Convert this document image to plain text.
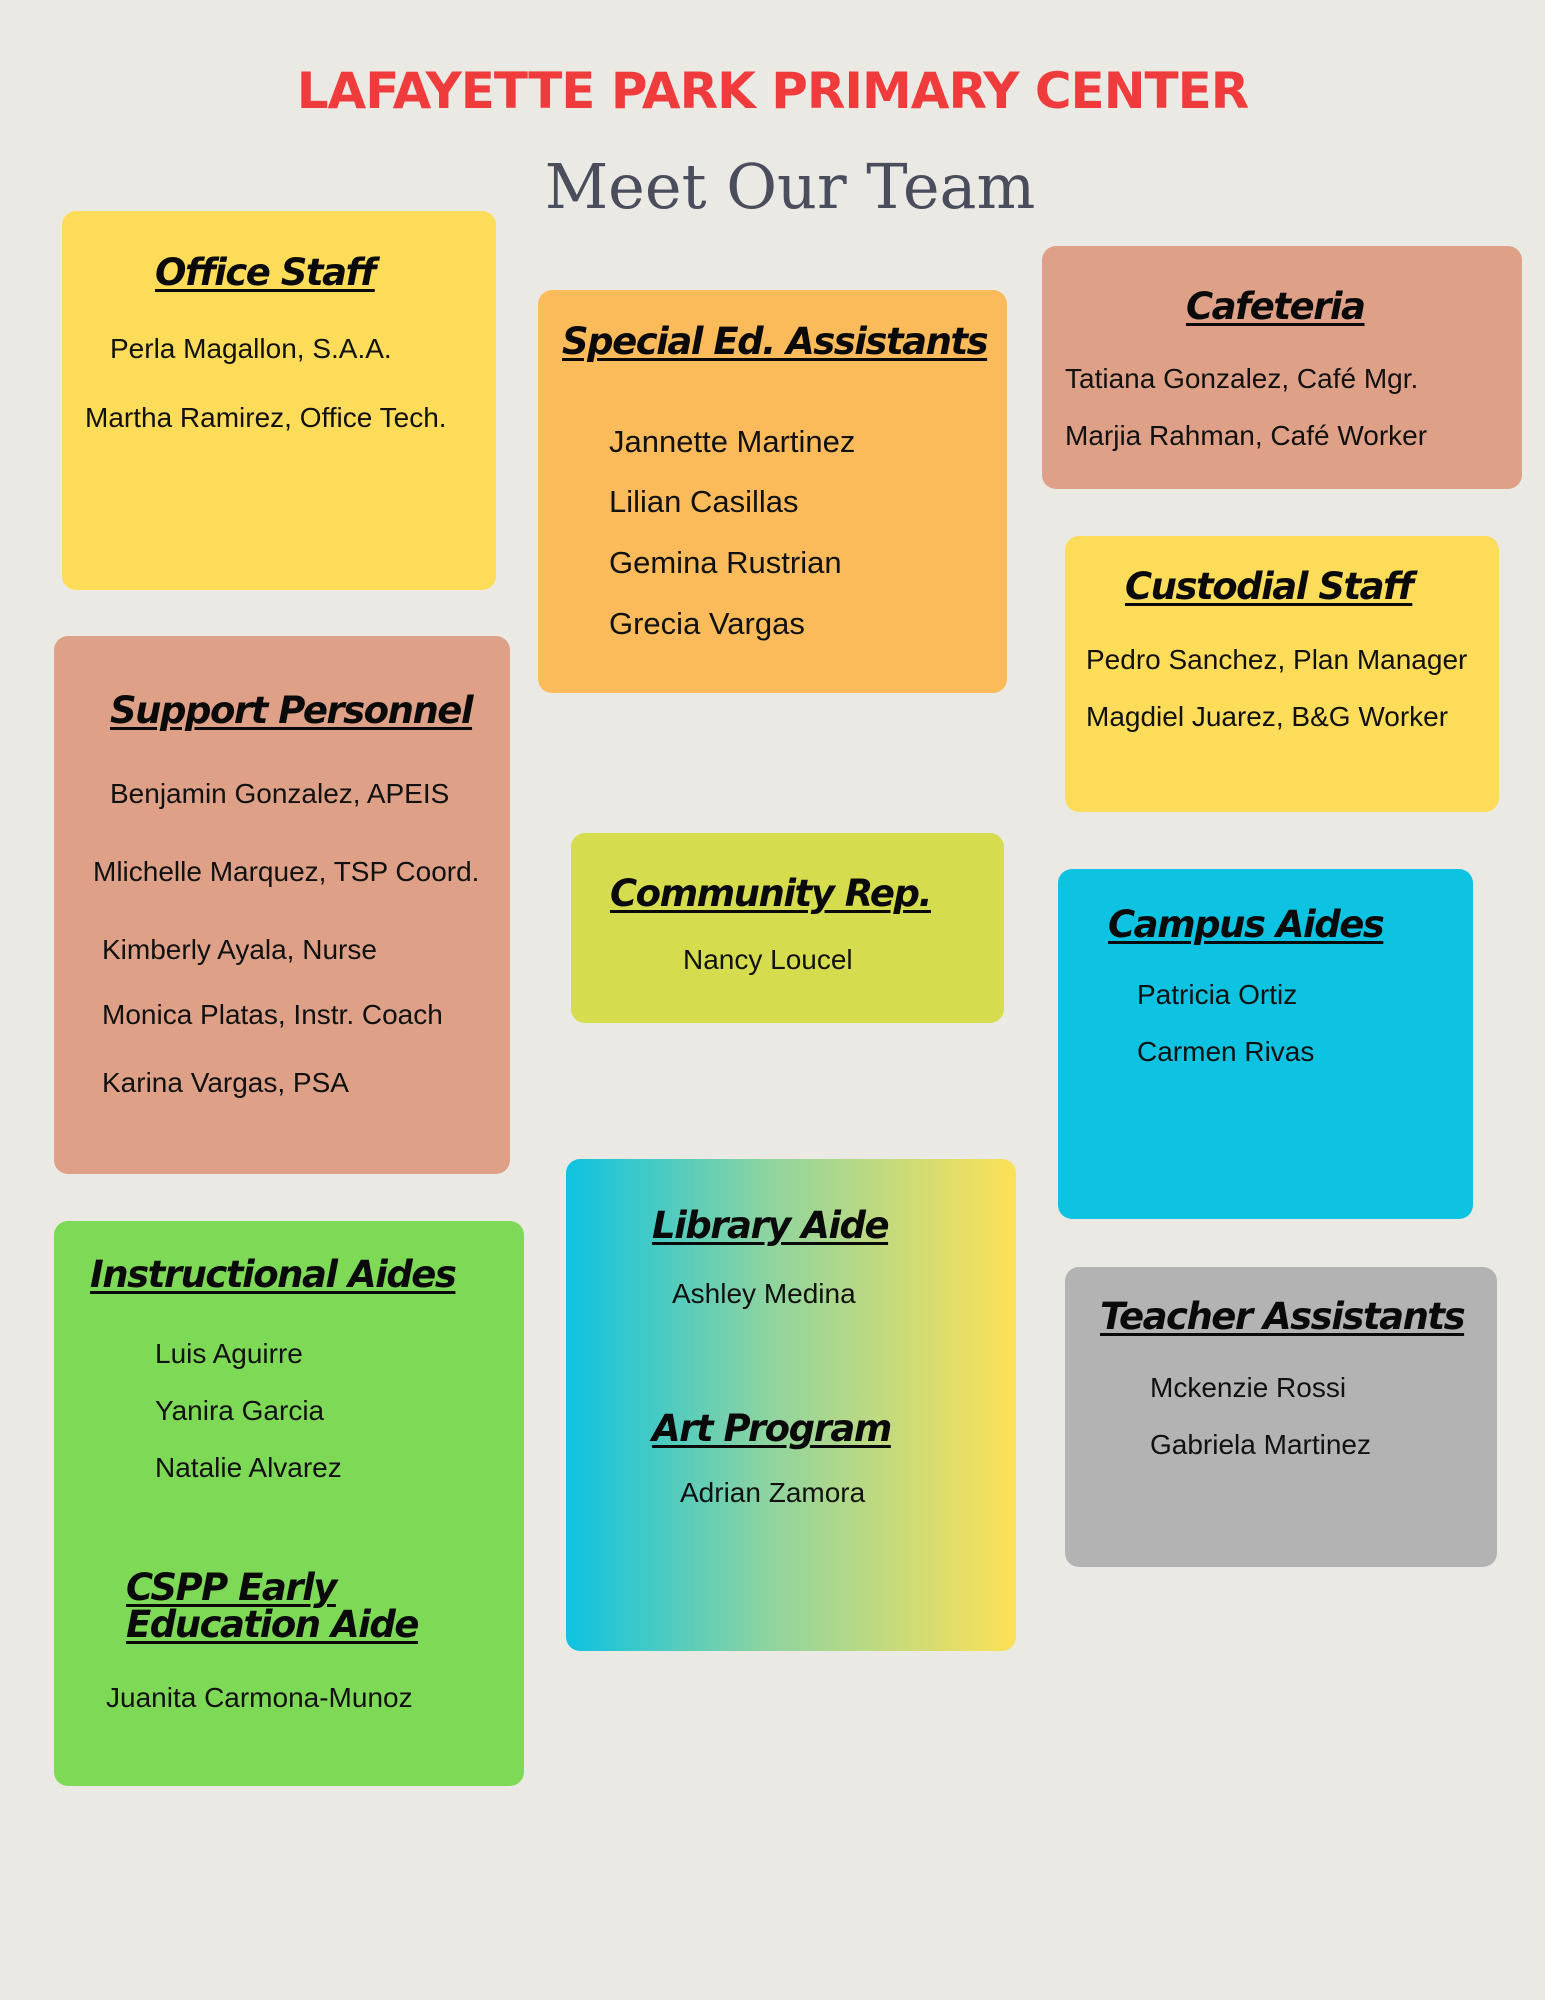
LAFAYETTE PARK PRIMARY CENTER
Meet Our Team
Office Staff

Perla Magallon, S.A.A.

Martha Ramirez, Office Tech.

Special Ed. Assistants

Jannette Martinez

Lilian Casillas

Gemina Rustrian

Grecia Vargas

Cafeteria

Tatiana Gonzalez, Café Mgr.

Marjia Rahman, Café Worker

Custodial Staff

Pedro Sanchez, Plan Manager

Magdiel Juarez, B&G Worker

Support Personnel

Benjamin Gonzalez, APEIS

Mlichelle Marquez, TSP Coord.

Kimberly Ayala, Nurse

Monica Platas, Instr. Coach

Karina Vargas, PSA

Community Rep.

Nancy Loucel

Campus Aides

Patricia Ortiz

Carmen Rivas

Instructional Aides

Luis Aguirre

Yanira Garcia

Natalie Alvarez

CSPP Early
Education Aide

Juanita Carmona-Munoz

Library Aide

Ashley Medina

Art Program

Adrian Zamora

Teacher Assistants

Mckenzie Rossi

Gabriela Martinez
